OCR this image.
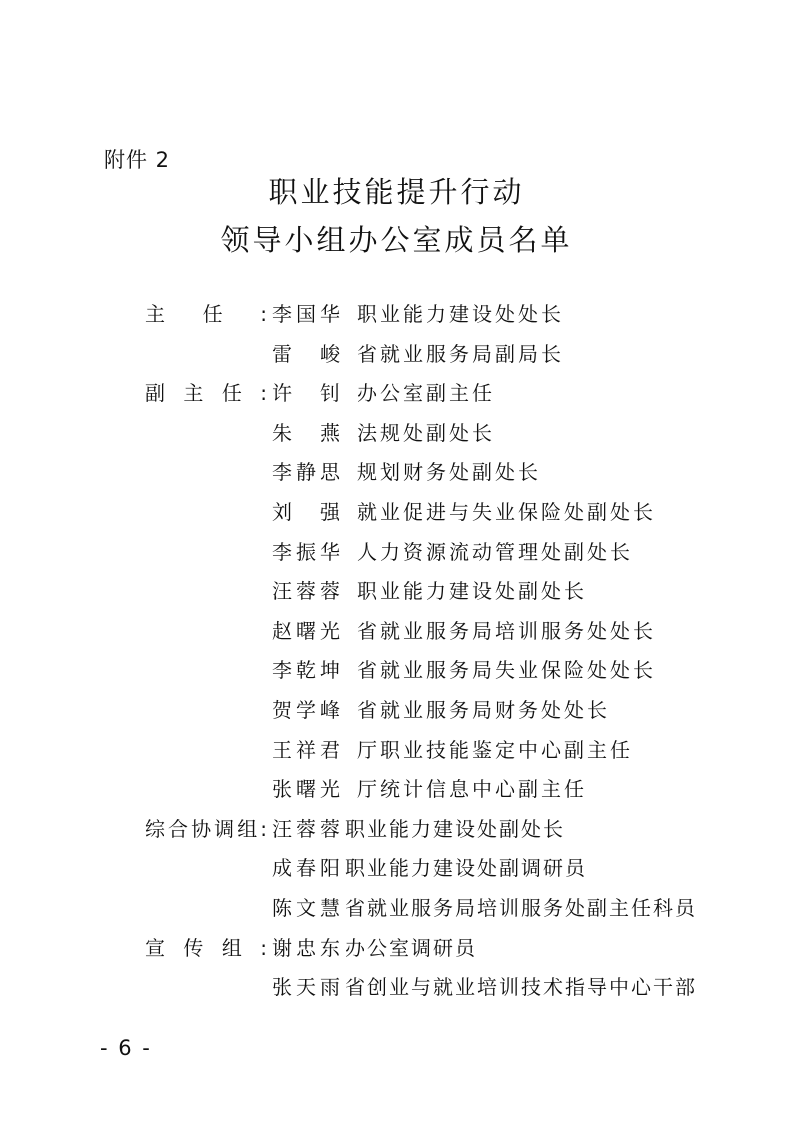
附件 2
职业技能提升行动
领导小组办公室成员名单
主 任 : 李 国 华 职业能力建设处处长
雷 峻 省就业服务局副局长
副 主 任 : 许 钊 办公室副主任
朱 燕 法规处副处长
李 静 思 规划财务处副处长
刘 强 就业促进与失业保险处副处长
李 振 华 人力资源流动管理处副处长
汪 蓉 蓉 职业能力建设处副处长
赵 曙 光 省就业服务局培训服务处处长
李 乾 坤 省就业服务局失业保险处处长
贺 学 峰 省就业服务局财务处处长
王 祥 君 厅职业技能鉴定中心副主任
张 曙 光 厅统计信息中心副主任
综 合 协 调 组 : 汪 蓉 蓉 职业能力建设处副处长
成 春 阳 职业能力建设处副调研员
陈 文 慧 省就业服务局培训服务处副主任科员
宣 传 组 : 谢 忠 东 办公室调研员
张 天 雨 省创业与就业培训技术指导中心干部
- 6 -
